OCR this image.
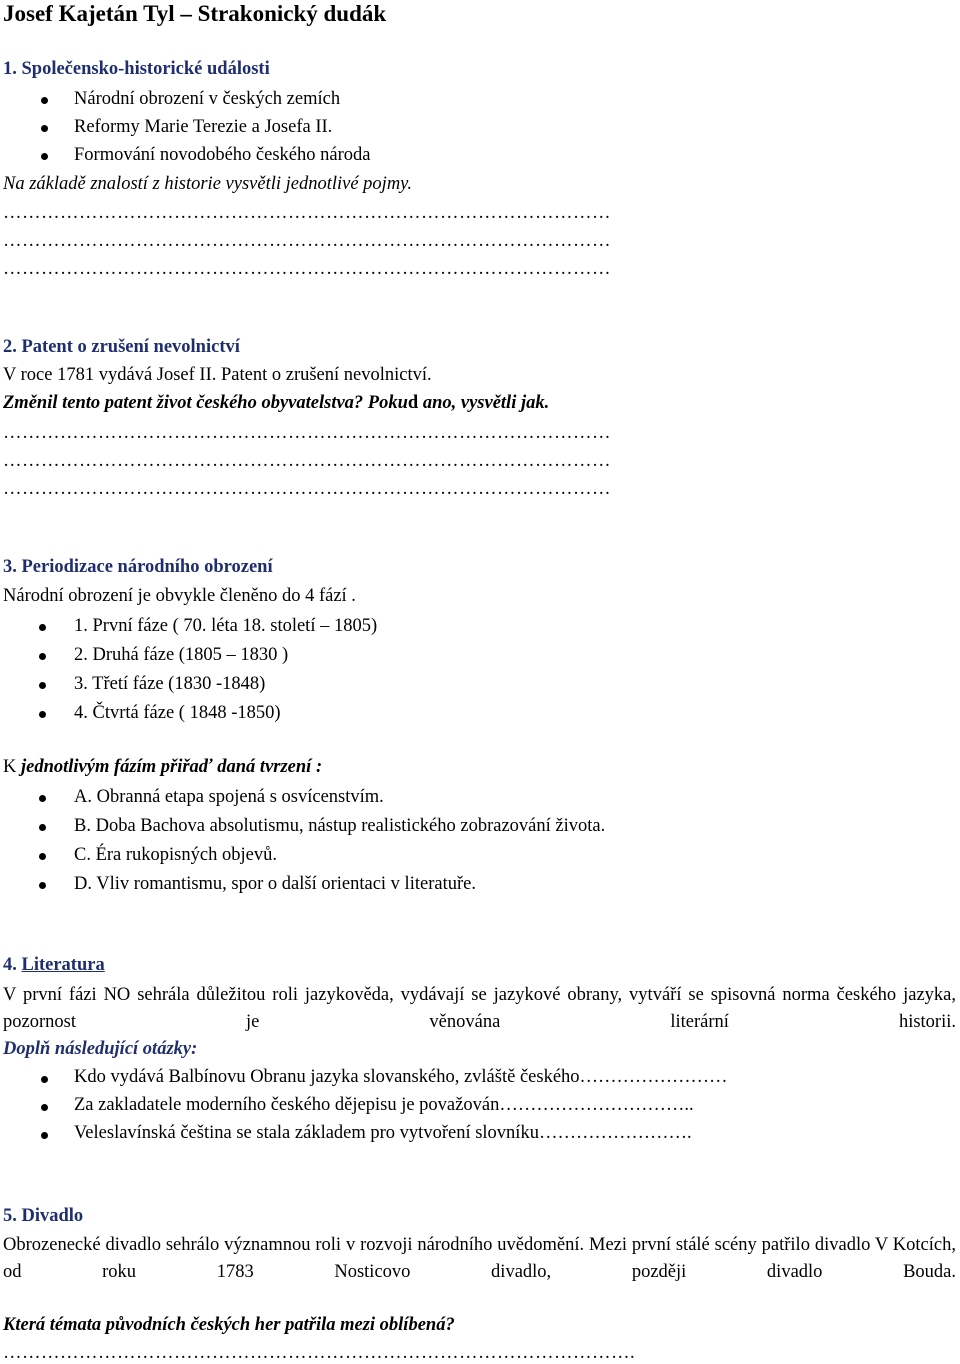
Josef Kajetán Tyl – Strakonický dudák
1. Společensko-historické události
Národní obrození v českých zemích
Reformy Marie Terezie a Josefa II.
Formování novodobého českého národa
Na základě znalostí z historie vysvětli jednotlivé pojmy.
……………………………………………………………………………………
……………………………………………………………………………………
……………………………………………………………………………………
2. Patent o zrušení nevolnictví
V roce 1781 vydává Josef II. Patent o zrušení nevolnictví.
Změnil tento patent život českého obyvatelstva? Pokud ano, vysvětli jak.
……………………………………………………………………………………
……………………………………………………………………………………
……………………………………………………………………………………
3. Periodizace národního obrození
Národní obrození je obvykle členěno do 4 fází .
1. První fáze ( 70. léta 18. století – 1805)
2. Druhá fáze (1805 – 1830 )
3. Třetí fáze (1830 -1848)
4. Čtvrtá fáze ( 1848 -1850)
K jednotlivým fázím přiřaď daná tvrzení :
A. Obranná etapa spojená s osvícenstvím.
B. Doba Bachova absolutismu, nástup realistického zobrazování života.
C. Éra rukopisných objevů.
D. Vliv romantismu, spor o další orientaci v literatuře.
4. Literatura
V první fázi NO sehrála důležitou roli jazykověda, vydávají se jazykové obrany, vytváří se spisovná norma českého jazyka, pozornost je věnována literární historii.
Doplň následující otázky:
Kdo vydává Balbínovu Obranu jazyka slovanského, zvláště českého……………………
Za zakladatele moderního českého dějepisu je považován…………………………..
Veleslavínská čeština se stala základem pro vytvoření slovníku…………………….
5. Divadlo
Obrozenecké divadlo sehrálo významnou roli v rozvoji národního uvědomění. Mezi první stálé scény patřilo divadlo V Kotcích, od roku 1783 Nosticovo divadlo, později divadlo Bouda.
Která témata původních českých her patřila mezi oblíbená?
……………………………………………………………………………………….
